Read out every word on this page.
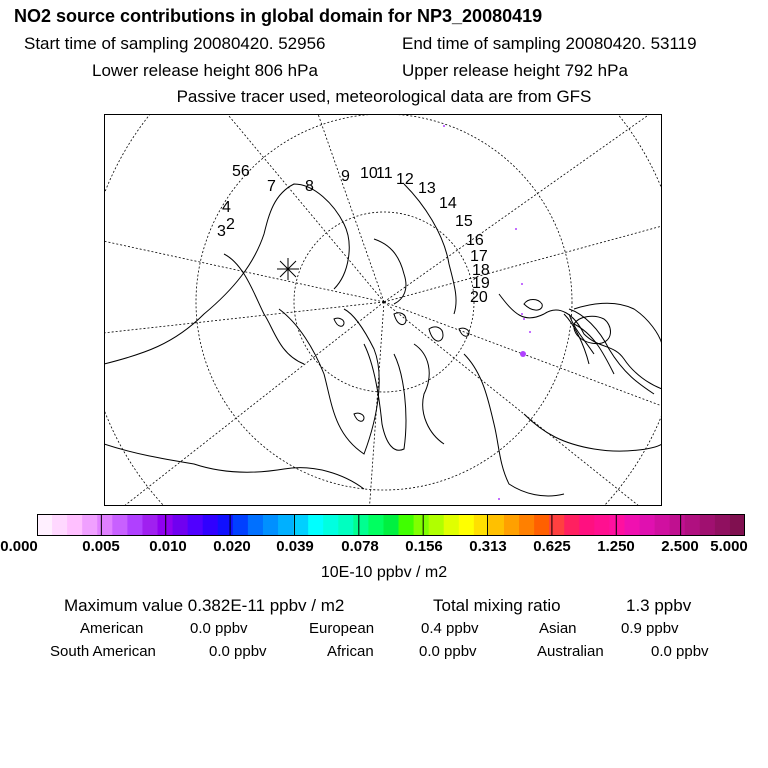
NO2 source contributions in global domain for NP3_20080419
Start time of sampling 20080420. 52956	End time of sampling 20080420. 53119
Lower release height 806 hPa	Upper release height 792 hPa
Passive tracer used, meteorological data are from GFS
56
7 8
9 10
11 12
13
14
15
16
17
18
19
20
4
2
3
0.000	0.005 0.010 0.020 0.039 0.078 0.156 0.313 0.625 1.250 2.500 5.000
10E-10 ppbv / m2
Maximum value 0.382E-11 ppbv / m2	Total mixing ratio	1.3 ppbv
American	0.0 ppbv	European	0.4 ppbv	Asian	0.9 ppbv
South American	0.0 ppbv	African	0.0 ppbv	Australian	0.0 ppbv
